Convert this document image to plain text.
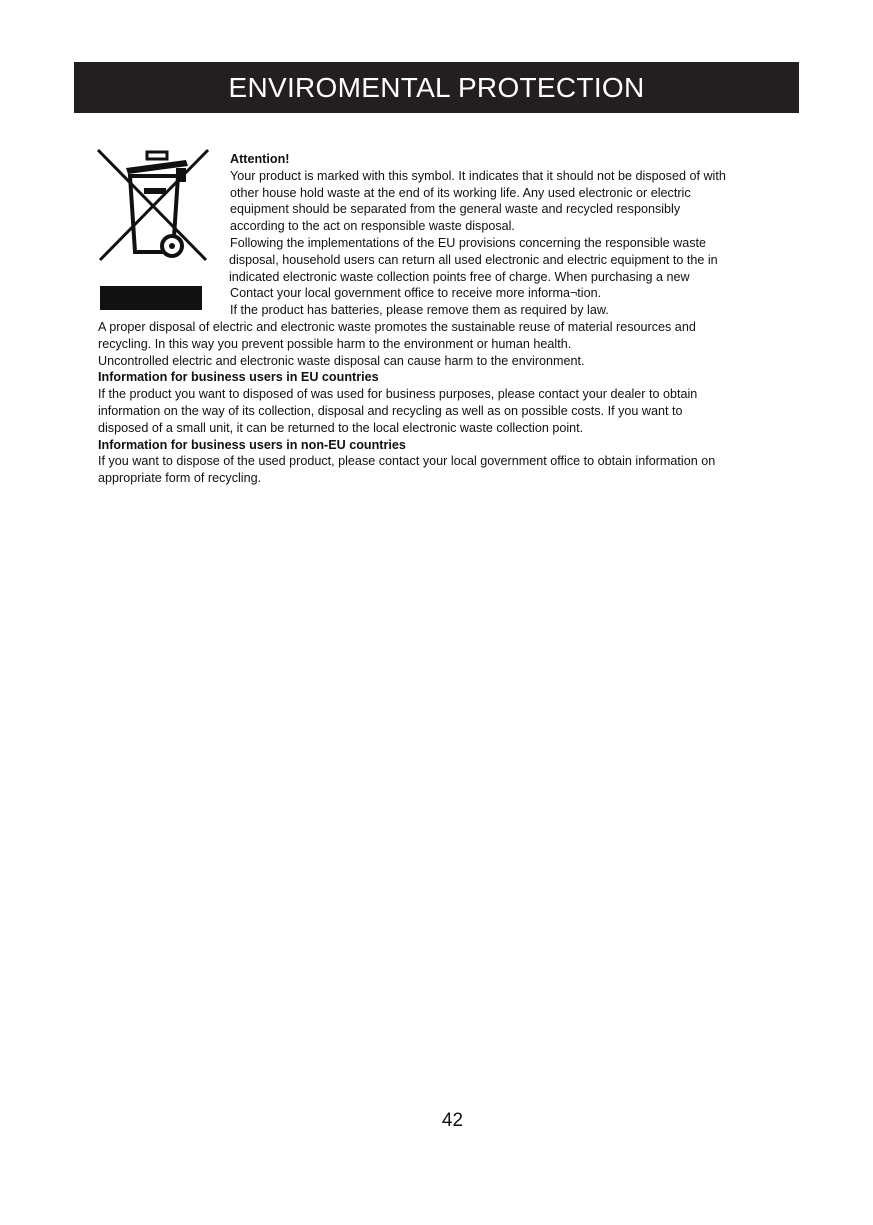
ENVIROMENTAL PROTECTION
Attention!
Your product is marked with this symbol. It indicates that it should not be disposed of with
other house hold waste at the end of its working life. Any used electronic or electric
equipment should be separated from the general waste and recycled responsibly
according to the act on responsible waste disposal.
Following the implementations of the EU provisions concerning the responsible waste
disposal, household users can return all used electronic and electric equipment to the in
indicated electronic waste collection points free of charge. When purchasing a new
Contact your local government office to receive more informa¬tion.
If the product has batteries, please remove them as required by law.
A proper disposal of electric and electronic waste promotes the sustainable reuse of material resources and
recycling. In this way you prevent possible harm to the environment or human health.
Uncontrolled electric and electronic waste disposal can cause harm to the environment.
Information for business users in EU countries
If the product you want to disposed of was used for business purposes, please contact your dealer to obtain
information on the way of its collection, disposal and recycling as well as on possible costs. If you want to
disposed of a small unit, it can be returned to the local electronic waste collection point.
Information for business users in non-EU countries
If you want to dispose of the used product, please contact your local government office to obtain information on
appropriate form of recycling.
42
